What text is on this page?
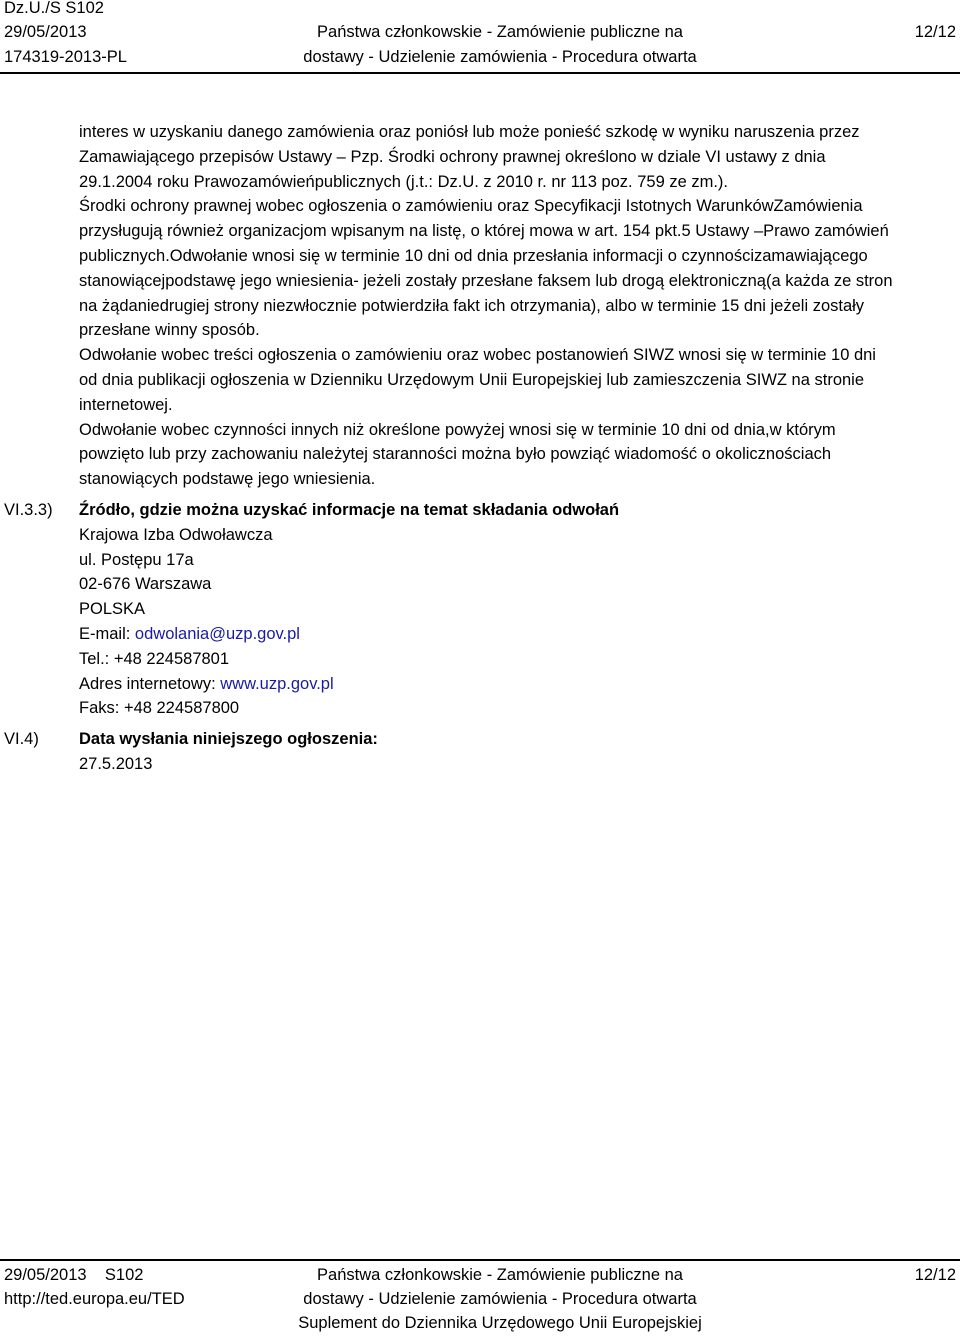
Dz.U./S S102
29/05/2013
174319-2013-PL
Państwa członkowskie - Zamówienie publiczne na
dostawy - Udzielenie zamówienia - Procedura otwarta
12/12

interes w uzyskaniu danego zamówienia oraz poniósł lub może ponieść szkodę w wyniku naruszenia przez

Zamawiającego przepisów Ustawy – Pzp. Środki ochrony prawnej określono w dziale VI ustawy z dnia

29.1.2004 roku Prawozamówieńpublicznych (j.t.: Dz.U. z 2010 r. nr 113 poz. 759 ze zm.).

Środki ochrony prawnej wobec ogłoszenia o zamówieniu oraz Specyfikacji Istotnych WarunkówZamówienia

przysługują również organizacjom wpisanym na listę, o której mowa w art. 154 pkt.5 Ustawy –Prawo zamówień

publicznych.Odwołanie wnosi się w terminie 10 dni od dnia przesłania informacji o czynnościzamawiającego

stanowiącejpodstawę jego wniesienia- jeżeli zostały przesłane faksem lub drogą elektroniczną(a każda ze stron

na żądaniedrugiej strony niezwłocznie potwierdziła fakt ich otrzymania), albo w terminie 15 dni jeżeli zostały

przesłane winny sposób.

Odwołanie wobec treści ogłoszenia o zamówieniu oraz wobec postanowień SIWZ wnosi się w terminie 10 dni

od dnia publikacji ogłoszenia w Dzienniku Urzędowym Unii Europejskiej lub zamieszczenia SIWZ na stronie

internetowej.

Odwołanie wobec czynności innych niż określone powyżej wnosi się w terminie 10 dni od dnia,w którym

powzięto lub przy zachowaniu należytej staranności można było powziąć wiadomość o okolicznościach

stanowiących podstawę jego wniesienia.

VI.3.3) Źródło, gdzie można uzyskać informacje na temat składania odwołań
Krajowa Izba Odwoławcza
ul. Postępu 17a
02-676 Warszawa
POLSKA
E-mail: odwolania@uzp.gov.pl
Tel.: +48 224587801
Adres internetowy: www.uzp.gov.pl
Faks: +48 224587800
VI.4) Data wysłania niniejszego ogłoszenia:
27.5.2013
29/05/2013    S102
http://ted.europa.eu/TED
Państwa członkowskie - Zamówienie publiczne na
dostawy - Udzielenie zamówienia - Procedura otwarta
Suplement do Dziennika Urzędowego Unii Europejskiej
12/12
